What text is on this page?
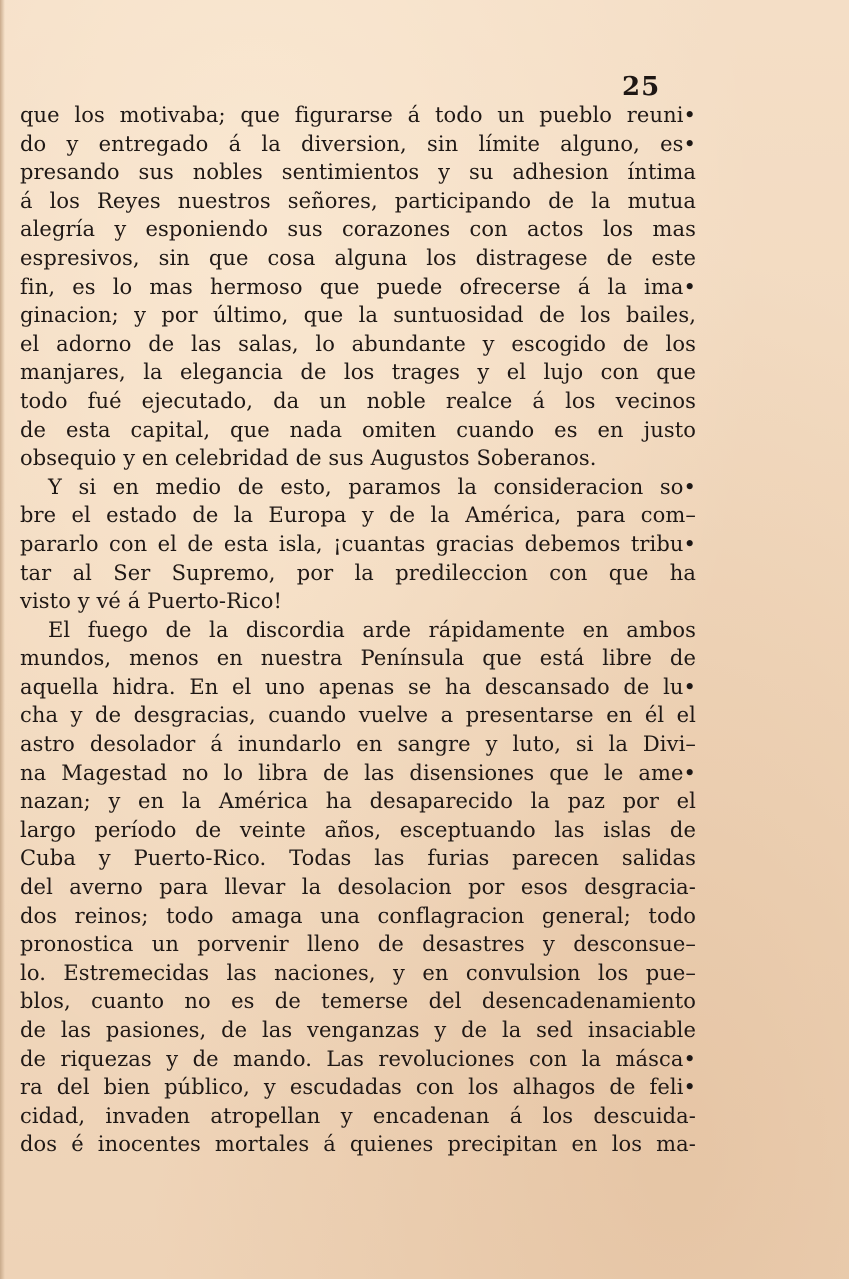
25
que los motivaba; que figurarse á todo un pueblo reuni•
do y entregado á la diversion, sin límite alguno, es•
presando sus nobles sentimientos y su adhesion íntima
á los Reyes nuestros señores, participando de la mutua
alegría y esponiendo sus corazones con actos los mas
espresivos, sin que cosa alguna los distragese de este
fin, es lo mas hermoso que puede ofrecerse á la ima•
ginacion; y por último, que la suntuosidad de los bailes,
el adorno de las salas, lo abundante y escogido de los
manjares, la elegancia de los trages y el lujo con que
todo fué ejecutado, da un noble realce á los vecinos
de esta capital, que nada omiten cuando es en justo
obsequio y en celebridad de sus Augustos Soberanos.
Y si en medio de esto, paramos la consideracion so•
bre el estado de la Europa y de la América, para com–
pararlo con el de esta isla, ¡cuantas gracias debemos tribu•
tar al Ser Supremo, por la predileccion con que ha
visto y vé á Puerto-Rico!
El fuego de la discordia arde rápidamente en ambos
mundos, menos en nuestra Península que está libre de
aquella hidra. En el uno apenas se ha descansado de lu•
cha y de desgracias, cuando vuelve a presentarse en él el
astro desolador á inundarlo en sangre y luto, si la Divi–
na Magestad no lo libra de las disensiones que le ame•
nazan; y en la América ha desaparecido la paz por el
largo período de veinte años, esceptuando las islas de
Cuba y Puerto-Rico. Todas las furias parecen salidas
del averno para llevar la desolacion por esos desgracia-
dos reinos; todo amaga una conflagracion general; todo
pronostica un porvenir lleno de desastres y desconsue–
lo. Estremecidas las naciones, y en convulsion los pue–
blos, cuanto no es de temerse del desencadenamiento
de las pasiones, de las venganzas y de la sed insaciable
de riquezas y de mando. Las revoluciones con la másca•
ra del bien público, y escudadas con los alhagos de feli•
cidad, invaden atropellan y encadenan á los descuida-
dos é inocentes mortales á quienes precipitan en los ma-
